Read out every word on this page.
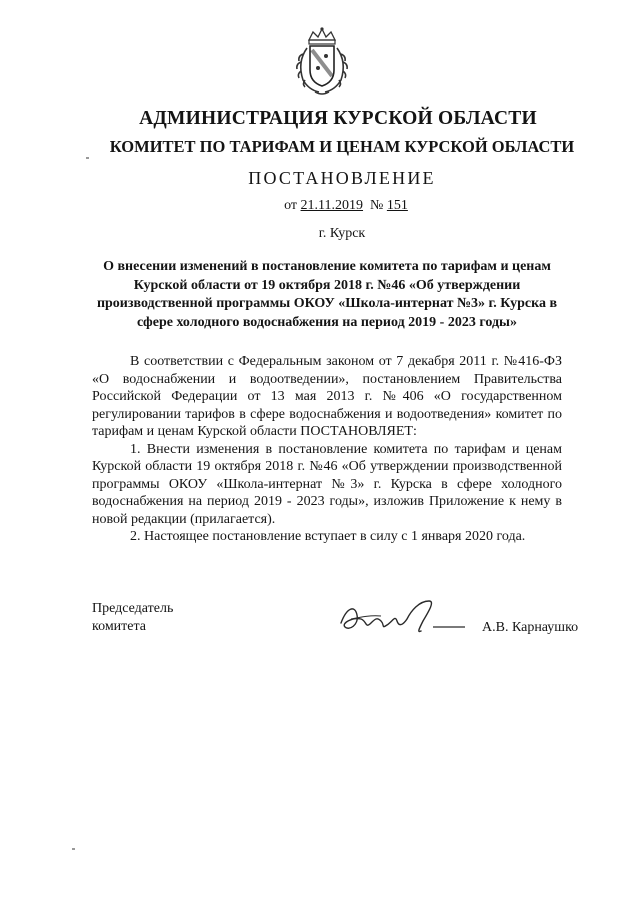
АДМИНИСТРАЦИЯ КУРСКОЙ ОБЛАСТИ
КОМИТЕТ ПО ТАРИФАМ И ЦЕНАМ КУРСКОЙ ОБЛАСТИ
ПОСТАНОВЛЕНИЕ
от 21.11.2019  № 151
г. Курск
О внесении изменений в постановление комитета по тарифам и ценам
Курской области от 19 октября 2018 г. №46 «Об утверждении
производственной программы ОКОУ «Школа-интернат №3» г. Курска в
сфере холодного водоснабжения на период 2019 - 2023 годы»

В соответствии с Федеральным законом от 7 декабря 2011 г. №416-ФЗ «О водоснабжении и водоотведении», постановлением Правительства Российской Федерации от 13 мая 2013 г. №406 «О государственном регулировании тарифов в сфере водоснабжения и водоотведения» комитет по тарифам и ценам Курской области ПОСТАНОВЛЯЕТ:

1. Внести изменения в постановление комитета по тарифам и ценам Курской области 19 октября 2018 г. №46 «Об утверждении производственной программы ОКОУ «Школа-интернат №3» г. Курска в сфере холодного водоснабжения на период 2019 - 2023 годы», изложив Приложение к нему в новой редакции (прилагается).

2. Настоящее постановление вступает в силу с 1 января 2020 года.

Председатель
комитета	А.В. Карнаушко
